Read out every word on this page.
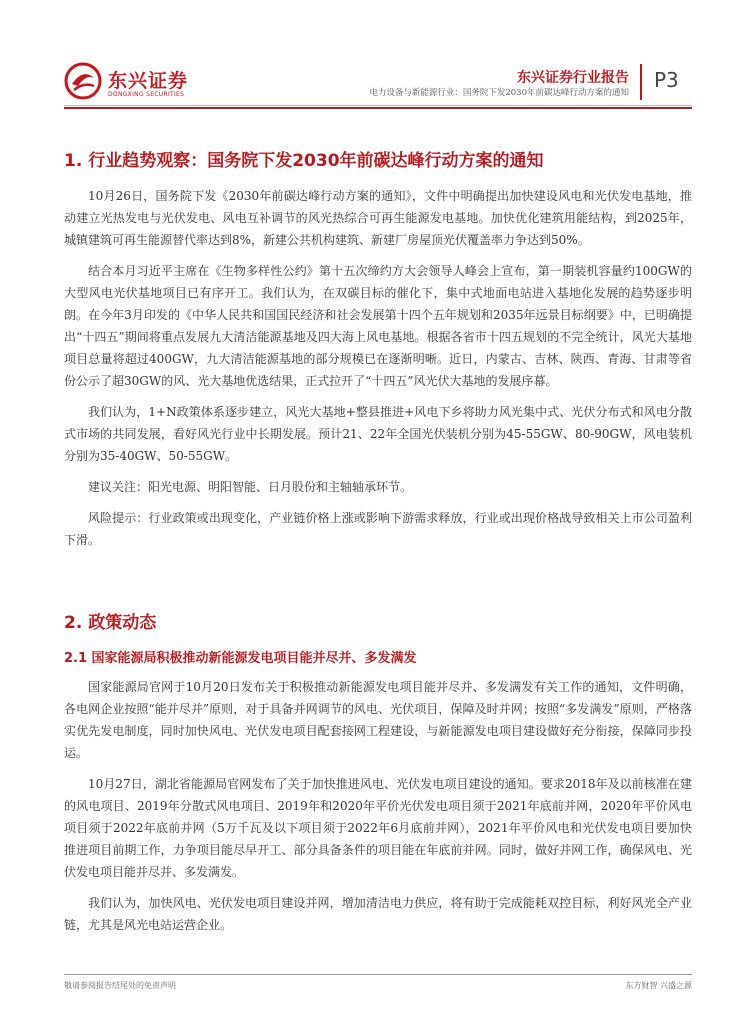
东兴证券
DONGXING SECURITIES
东兴证券行业报告
电力设备与新能源行业：国务院下发2030年前碳达峰行动方案的通知
P3
1. 行业趋势观察：国务院下发2030年前碳达峰行动方案的通知

10月26日，国务院下发《2030年前碳达峰行动方案的通知》，文件中明确提出加快建设风电和光伏发电基地，推动建立光热发电与光伏发电、风电互补调节的风光热综合可再生能源发电基地。加快优化建筑用能结构，到2025年，城镇建筑可再生能源替代率达到8%，新建公共机构建筑、新建厂房屋顶光伏覆盖率力争达到50%。

结合本月习近平主席在《生物多样性公约》第十五次缔约方大会领导人峰会上宣布，第一期装机容量约100GW的大型风电光伏基地项目已有序开工。我们认为，在双碳目标的催化下，集中式地面电站进入基地化发展的趋势逐步明朗。在今年3月印发的《中华人民共和国国民经济和社会发展第十四个五年规划和2035年远景目标纲要》中，已明确提出“十四五”期间将重点发展九大清洁能源基地及四大海上风电基地。根据各省市十四五规划的不完全统计，风光大基地项目总量将超过400GW，九大清洁能源基地的部分规模已在逐渐明晰。近日，内蒙古、吉林、陕西、青海、甘肃等省份公示了超30GW的风、光大基地优选结果，正式拉开了“十四五”风光伏大基地的发展序幕。

我们认为，1+N政策体系逐步建立，风光大基地+整县推进+风电下乡将助力风光集中式、光伏分布式和风电分散式市场的共同发展，看好风光行业中长期发展。预计21、22年全国光伏装机分别为45-55GW、80-90GW，风电装机分别为35-40GW、50-55GW。

建议关注：阳光电源、明阳智能、日月股份和主轴轴承环节。

风险提示：行业政策或出现变化，产业链价格上涨或影响下游需求释放，行业或出现价格战导致相关上市公司盈利下滑。

2. 政策动态
2.1 国家能源局积极推动新能源发电项目能并尽并、多发满发

国家能源局官网于10月20日发布关于积极推动新能源发电项目能并尽并、多发满发有关工作的通知，文件明确，各电网企业按照“能并尽并”原则，对于具备并网调节的风电、光伏项目，保障及时并网；按照“多发满发”原则，严格落实优先发电制度，同时加快风电、光伏发电项目配套接网工程建设，与新能源发电项目建设做好充分衔接，保障同步投运。

10月27日，湖北省能源局官网发布了关于加快推进风电、光伏发电项目建设的通知。要求2018年及以前核准在建的风电项目、2019年分散式风电项目、2019年和2020年平价光伏发电项目须于2021年底前并网，2020年平价风电项目须于2022年底前并网（5万千瓦及以下项目须于2022年6月底前并网），2021年平价风电和光伏发电项目要加快推进项目前期工作，力争项目能尽早开工、部分具备条件的项目能在年底前并网。同时，做好并网工作，确保风电、光伏发电项目能并尽并、多发满发。

我们认为，加快风电、光伏发电项目建设并网，增加清洁电力供应，将有助于完成能耗双控目标，利好风光全产业链，尤其是风光电站运营企业。

敬请参阅报告结尾处的免责声明	东方财智 兴盛之源
